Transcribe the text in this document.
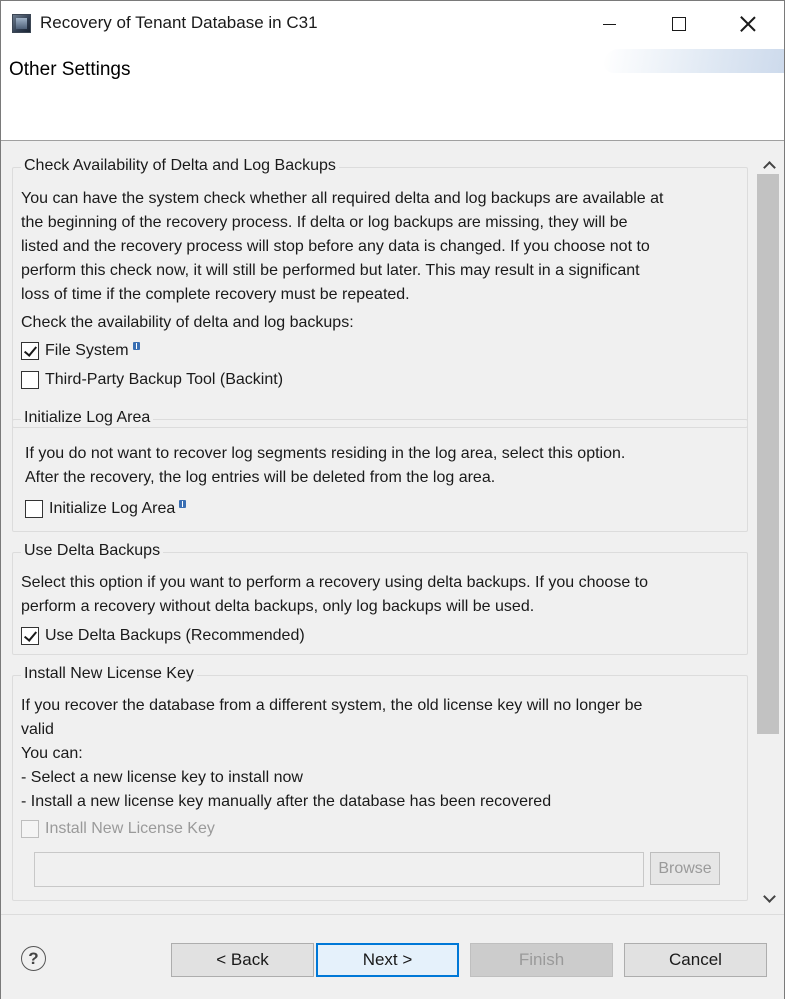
Recovery of Tenant Database in C31
Other Settings
Check Availability of Delta and Log Backups
You can have the system check whether all required delta and log backups are available at
the beginning of the recovery process. If delta or log backups are missing, they will be
listed and the recovery process will stop before any data is changed. If you choose not to
perform this check now, it will still be performed but later. This may result in a significant
loss of time if the complete recovery must be repeated.
Check the availability of delta and log backups:
File System
Third-Party Backup Tool (Backint)
Initialize Log Area
If you do not want to recover log segments residing in the log area, select this option.
After the recovery, the log entries will be deleted from the log area.
Initialize Log Area
Use Delta Backups
Select this option if you want to perform a recovery using delta backups. If you choose to
perform a recovery without delta backups, only log backups will be used.
Use Delta Backups (Recommended)
Install New License Key
If you recover the database from a different system, the old license key will no longer be
valid
You can:
- Select a new license key to install now
- Install a new license key manually after the database has been recovered
Install New License Key
Browse
?	< Back	Next >	Finish	Cancel
